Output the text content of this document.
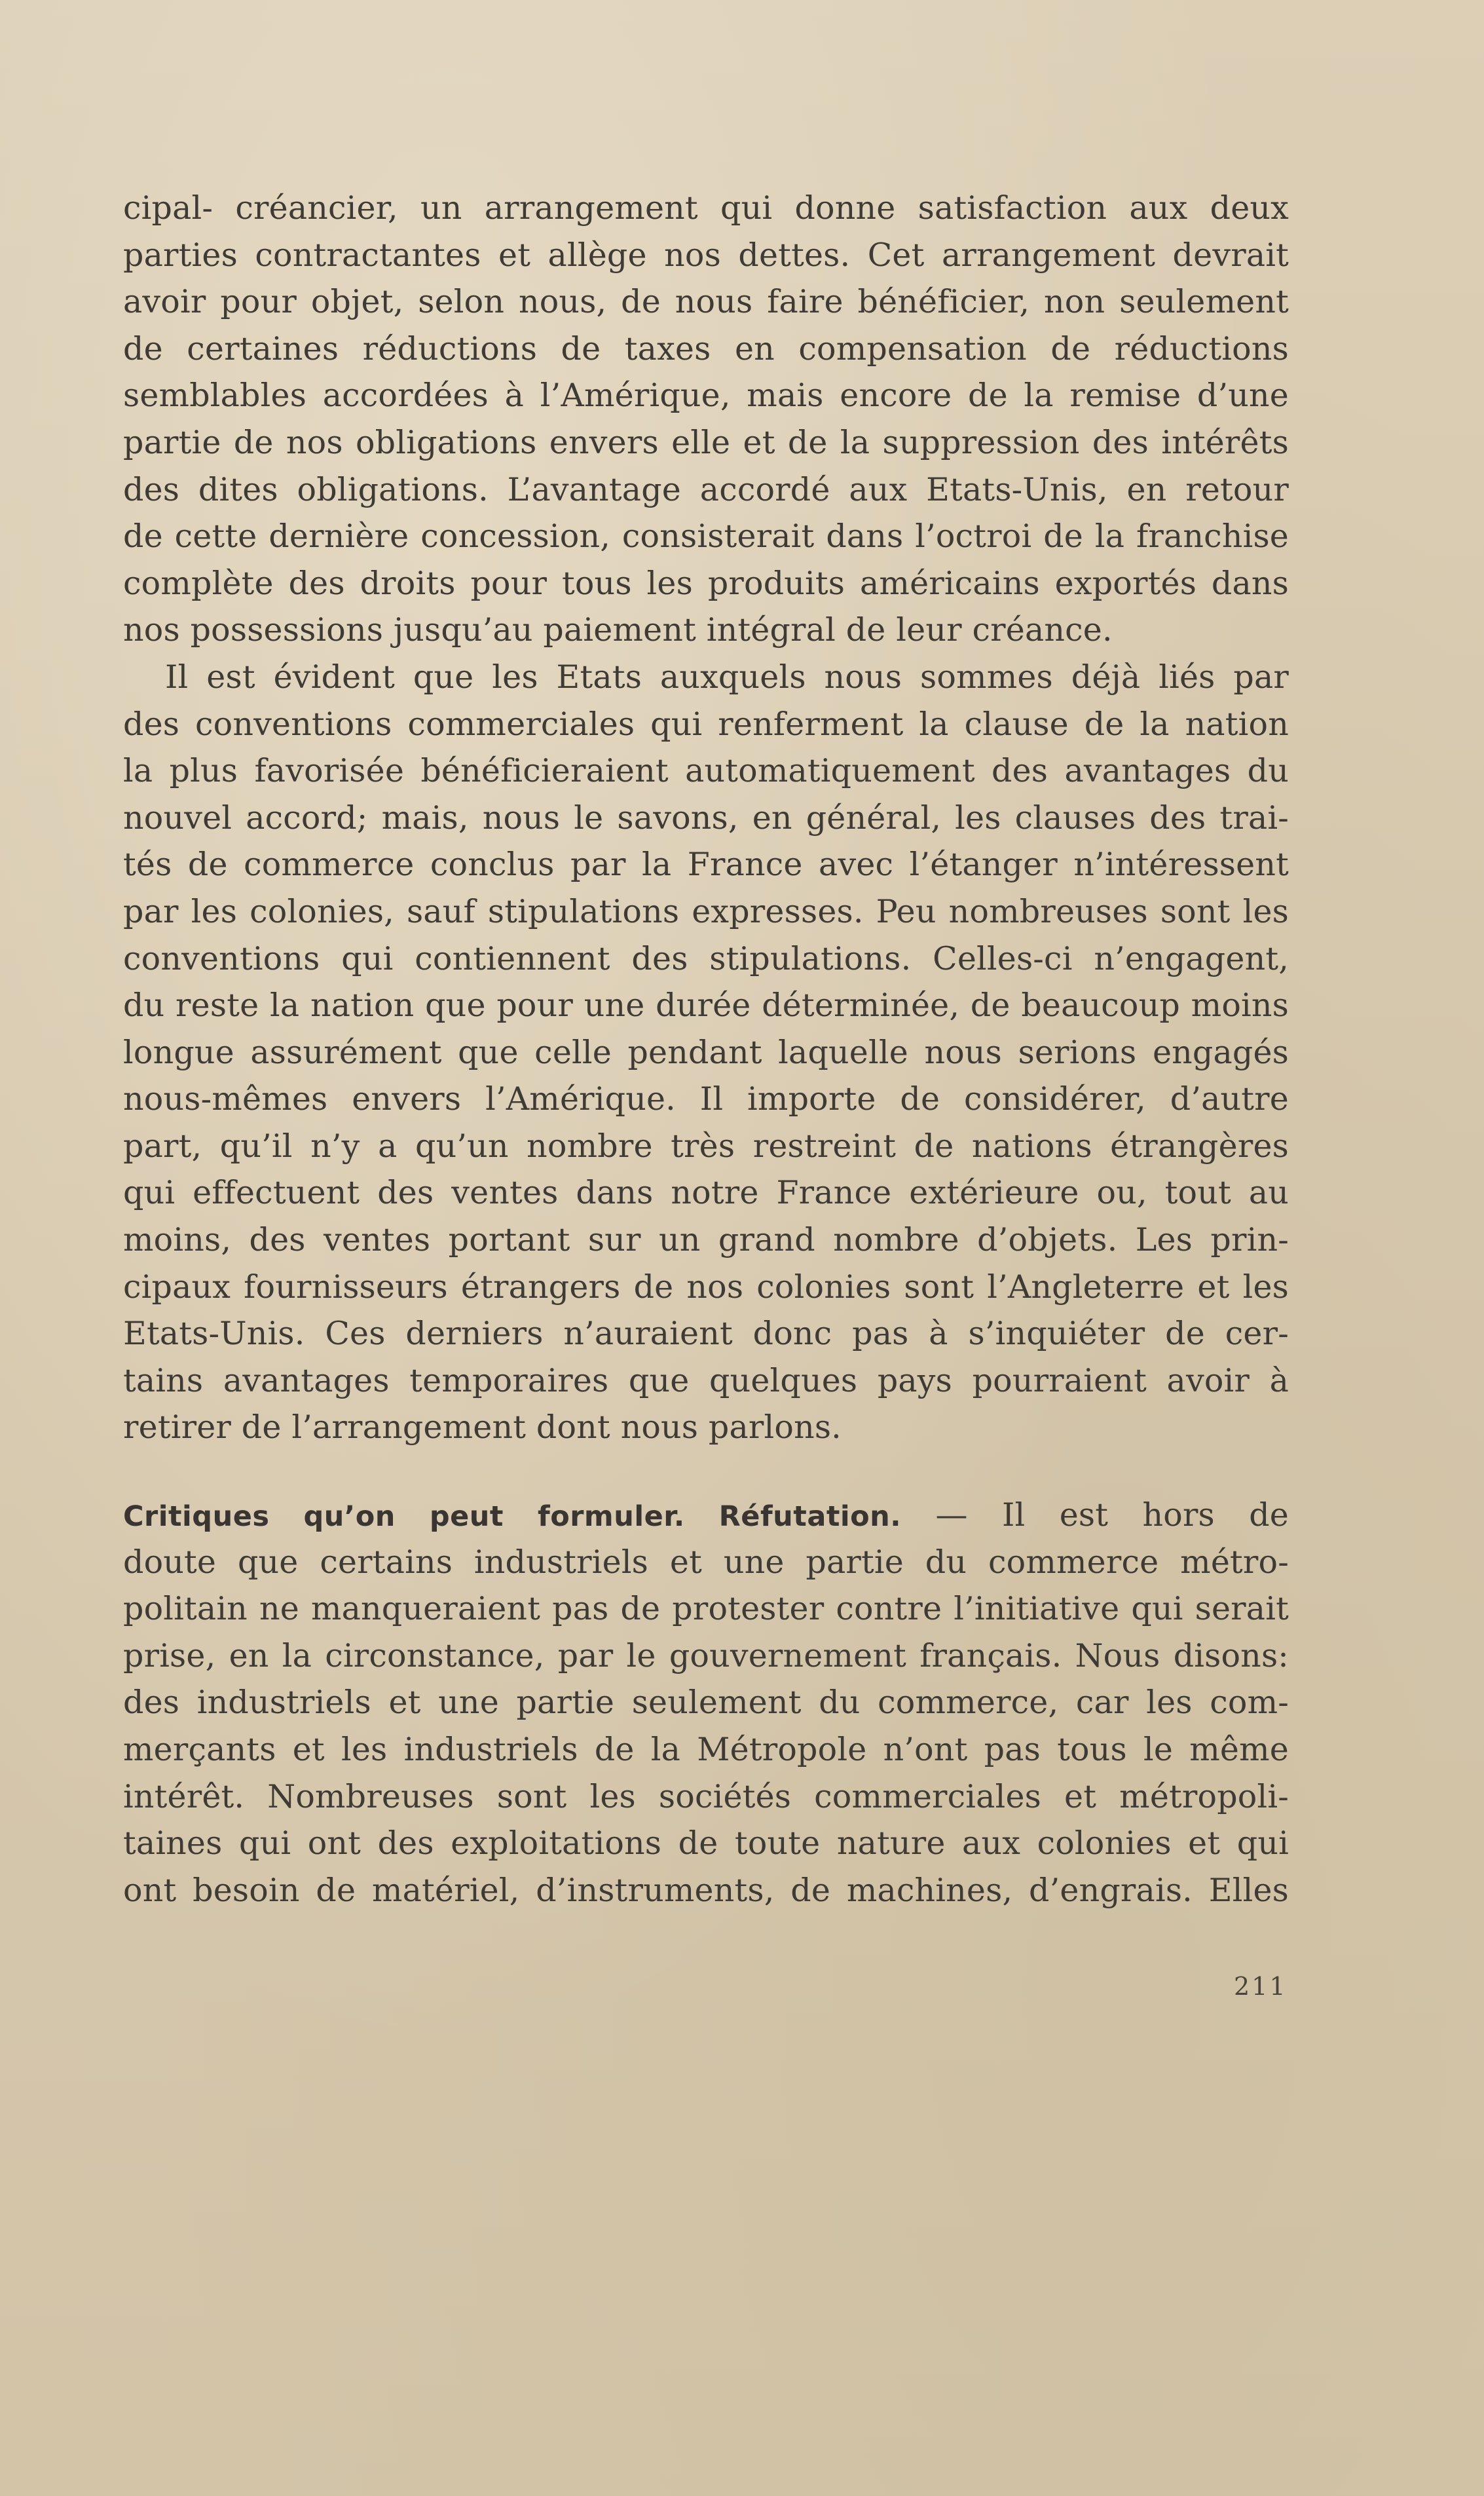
cipal- créancier, un arrangement qui donne satisfaction aux deux
parties contractantes et allège nos dettes. Cet arrangement devrait
avoir pour objet, selon nous, de nous faire bénéficier, non seulement
de certaines réductions de taxes en compensation de réductions
semblables accordées à l’Amérique, mais encore de la remise d’une
partie de nos obligations envers elle et de la suppression des intérêts
des dites obligations. L’avantage accordé aux Etats-Unis, en retour
de cette dernière concession, consisterait dans l’octroi de la franchise
complète des droits pour tous les produits américains exportés dans
nos possessions jusqu’au paiement intégral de leur créance.
Il est évident que les Etats auxquels nous sommes déjà liés par
des conventions commerciales qui renferment la clause de la nation
la plus favorisée bénéficieraient automatiquement des avantages du
nouvel accord; mais, nous le savons, en général, les clauses des trai-
tés de commerce conclus par la France avec l’étanger n’intéressent
par les colonies, sauf stipulations expresses. Peu nombreuses sont les
conventions qui contiennent des stipulations. Celles-ci n’engagent,
du reste la nation que pour une durée déterminée, de beaucoup moins
longue assurément que celle pendant laquelle nous serions engagés
nous-mêmes envers l’Amérique. Il importe de considérer, d’autre
part, qu’il n’y a qu’un nombre très restreint de nations étrangères
qui effectuent des ventes dans notre France extérieure ou, tout au
moins, des ventes portant sur un grand nombre d’objets. Les prin-
cipaux fournisseurs étrangers de nos colonies sont l’Angleterre et les
Etats-Unis. Ces derniers n’auraient donc pas à s’inquiéter de cer-
tains avantages temporaires que quelques pays pourraient avoir à
retirer de l’arrangement dont nous parlons.
Critiques qu’on peut formuler. Réfutation. — Il est hors de
doute que certains industriels et une partie du commerce métro-
politain ne manqueraient pas de protester contre l’initiative qui serait
prise, en la circonstance, par le gouvernement français. Nous disons:
des industriels et une partie seulement du commerce, car les com-
merçants et les industriels de la Métropole n’ont pas tous le même
intérêt. Nombreuses sont les sociétés commerciales et métropoli-
taines qui ont des exploitations de toute nature aux colonies et qui
ont besoin de matériel, d’instruments, de machines, d’engrais. Elles
211
